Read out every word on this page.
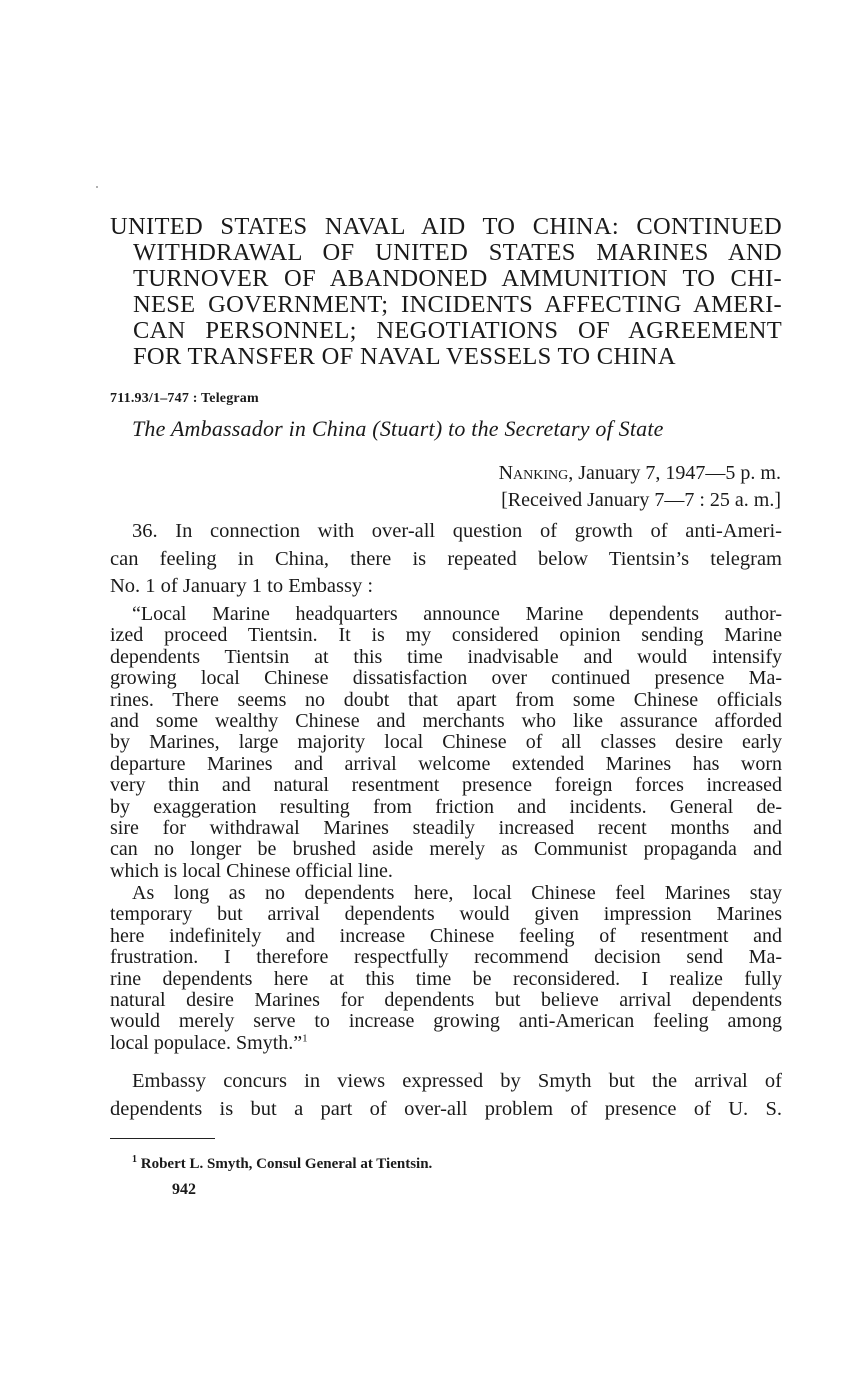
UNITED STATES NAVAL AID TO CHINA: CONTINUED
WITHDRAWAL OF UNITED STATES MARINES AND
TURNOVER OF ABANDONED AMMUNITION TO CHI-
NESE GOVERNMENT; INCIDENTS AFFECTING AMERI-
CAN PERSONNEL; NEGOTIATIONS OF AGREEMENT
FOR TRANSFER OF NAVAL VESSELS TO CHINA
711.93/1–747 : Telegram
The Ambassador in China (Stuart) to the Secretary of State
Nanking, January 7, 1947—5 p. m.
[Received January 7—7 : 25 a. m.]
36. In connection with over-all question of growth of anti-Ameri-
can feeling in China, there is repeated below Tientsin’s telegram
No. 1 of January 1 to Embassy :
“Local Marine headquarters announce Marine dependents author-
ized proceed Tientsin. It is my considered opinion sending Marine
dependents Tientsin at this time inadvisable and would intensify
growing local Chinese dissatisfaction over continued presence Ma-
rines. There seems no doubt that apart from some Chinese officials
and some wealthy Chinese and merchants who like assurance afforded
by Marines, large majority local Chinese of all classes desire early
departure Marines and arrival welcome extended Marines has worn
very thin and natural resentment presence foreign forces increased
by exaggeration resulting from friction and incidents. General de-
sire for withdrawal Marines steadily increased recent months and
can no longer be brushed aside merely as Communist propaganda and
which is local Chinese official line.
As long as no dependents here, local Chinese feel Marines stay
temporary but arrival dependents would given impression Marines
here indefinitely and increase Chinese feeling of resentment and
frustration. I therefore respectfully recommend decision send Ma-
rine dependents here at this time be reconsidered. I realize fully
natural desire Marines for dependents but believe arrival dependents
would merely serve to increase growing anti-American feeling among
local populace. Smyth.”$^1$
Embassy concurs in views expressed by Smyth but the arrival of
dependents is but a part of over-all problem of presence of U. S.
$^1$ Robert L. Smyth, Consul General at Tientsin.
942
